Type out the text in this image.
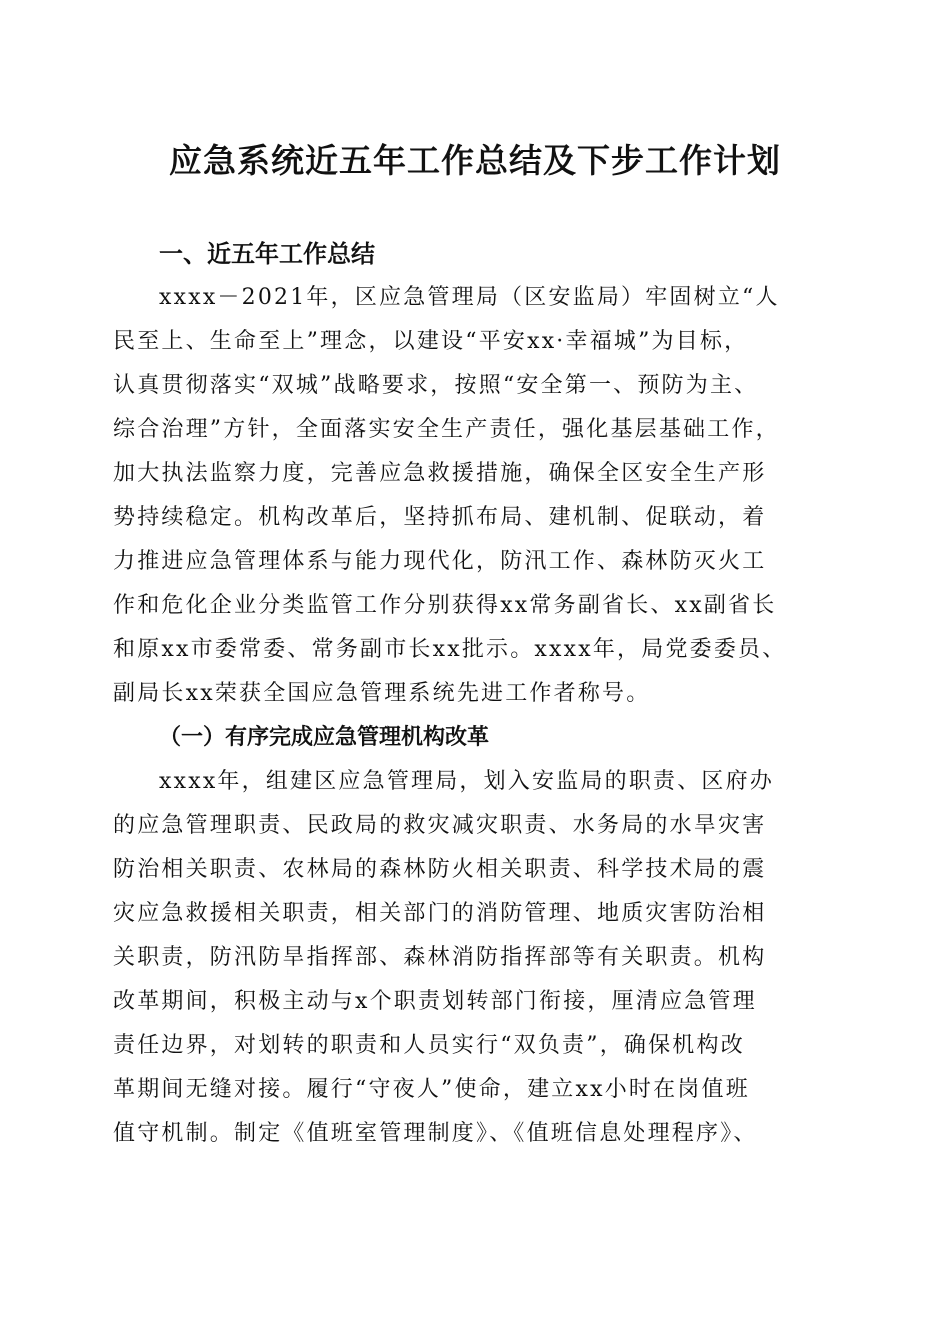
应急系统近五年工作总结及下步工作计划
一、近五年工作总结
xxxx－2021年，区应急管理局（区安监局）牢固树立“人
民至上、生命至上”理念，以建设“平安xx·幸福城”为目标，
认真贯彻落实“双城”战略要求，按照“安全第一、预防为主、
综合治理”方针，全面落实安全生产责任，强化基层基础工作，
加大执法监察力度，完善应急救援措施，确保全区安全生产形
势持续稳定。机构改革后，坚持抓布局、建机制、促联动，着
力推进应急管理体系与能力现代化，防汛工作、森林防灭火工
作和危化企业分类监管工作分别获得xx常务副省长、xx副省长
和原xx市委常委、常务副市长xx批示。xxxx年，局党委委员、
副局长xx荣获全国应急管理系统先进工作者称号。
（一）有序完成应急管理机构改革
xxxx年，组建区应急管理局，划入安监局的职责、区府办
的应急管理职责、民政局的救灾减灾职责、水务局的水旱灾害
防治相关职责、农林局的森林防火相关职责、科学技术局的震
灾应急救援相关职责，相关部门的消防管理、地质灾害防治相
关职责，防汛防旱指挥部、森林消防指挥部等有关职责。机构
改革期间，积极主动与x个职责划转部门衔接，厘清应急管理
责任边界，对划转的职责和人员实行“双负责”，确保机构改
革期间无缝对接。履行“守夜人”使命，建立xx小时在岗值班
值守机制。制定《值班室管理制度》、《值班信息处理程序》、
